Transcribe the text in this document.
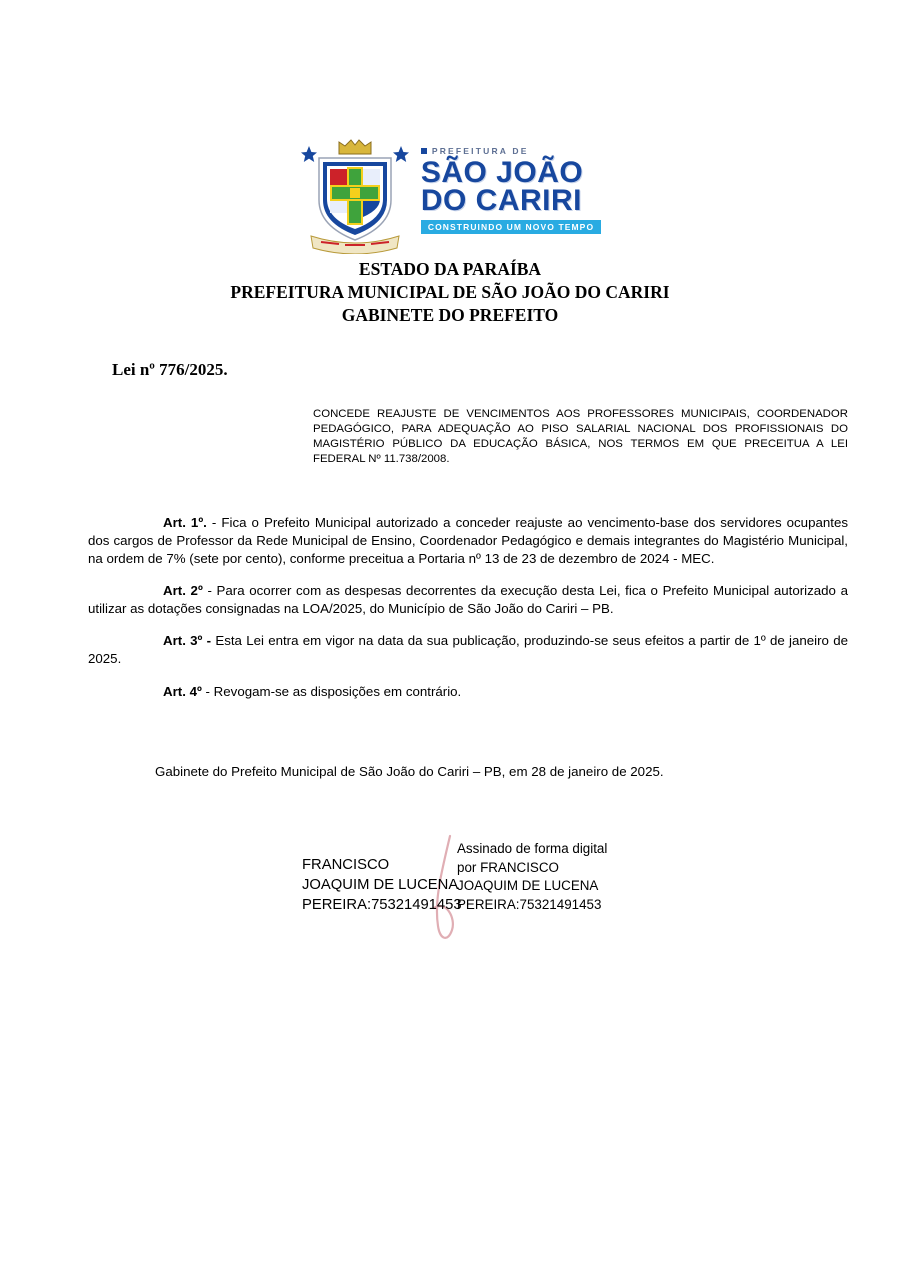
PREFEITURA DE
SÃO JOÃO
DO CARIRI
CONSTRUINDO UM NOVO TEMPO
ESTADO DA PARAÍBA
PREFEITURA MUNICIPAL DE SÃO JOÃO DO CARIRI
GABINETE DO PREFEITO
Lei nº 776/2025.
CONCEDE REAJUSTE DE VENCIMENTOS AOS PROFESSORES MUNICIPAIS, COORDENADOR PEDAGÓGICO, PARA ADEQUAÇÃO AO PISO SALARIAL NACIONAL DOS PROFISSIONAIS DO MAGISTÉRIO PÚBLICO DA EDUCAÇÃO BÁSICA, NOS TERMOS EM QUE PRECEITUA A LEI FEDERAL Nº 11.738/2008.

Art. 1º. - Fica o Prefeito Municipal autorizado a conceder reajuste ao vencimento-base dos servidores ocupantes dos cargos de Professor da Rede Municipal de Ensino, Coordenador Pedagógico e demais integrantes do Magistério Municipal, na ordem de 7% (sete por cento), conforme preceitua a Portaria nº 13 de 23 de dezembro de 2024 - MEC.

Art. 2º - Para ocorrer com as despesas decorrentes da execução desta Lei, fica o Prefeito Municipal autorizado a utilizar as dotações consignadas na LOA/2025, do Município de São João do Cariri – PB.

Art. 3º - Esta Lei entra em vigor na data da sua publicação, produzindo-se seus efeitos a partir de 1º de janeiro de 2025.

Art. 4º - Revogam-se as disposições em contrário.

Gabinete do Prefeito Municipal de São João do Cariri – PB, em 28 de janeiro de 2025.
FRANCISCO JOAQUIM DE LUCENA PEREIRA:75321491453
Assinado de forma digital por FRANCISCO JOAQUIM DE LUCENA PEREIRA:75321491453
